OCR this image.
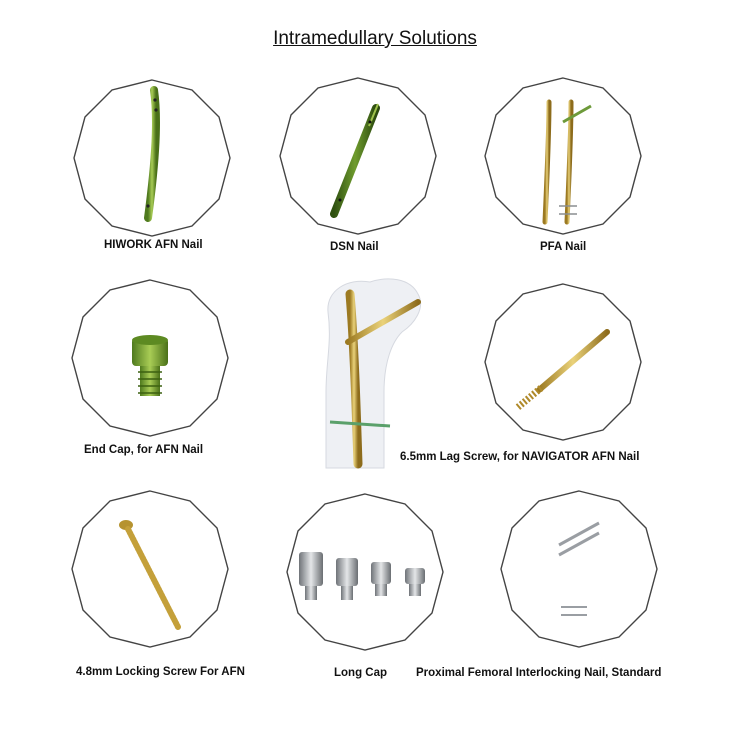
Intramedullary Solutions
HIWORK AFN Nail	DSN Nail	PFA Nail
End Cap, for AFN Nail
6.5mm Lag Screw, for NAVIGATOR AFN Nail
4.8mm Locking Screw For AFN	Long Cap	Proximal Femoral Interlocking Nail, Standard
